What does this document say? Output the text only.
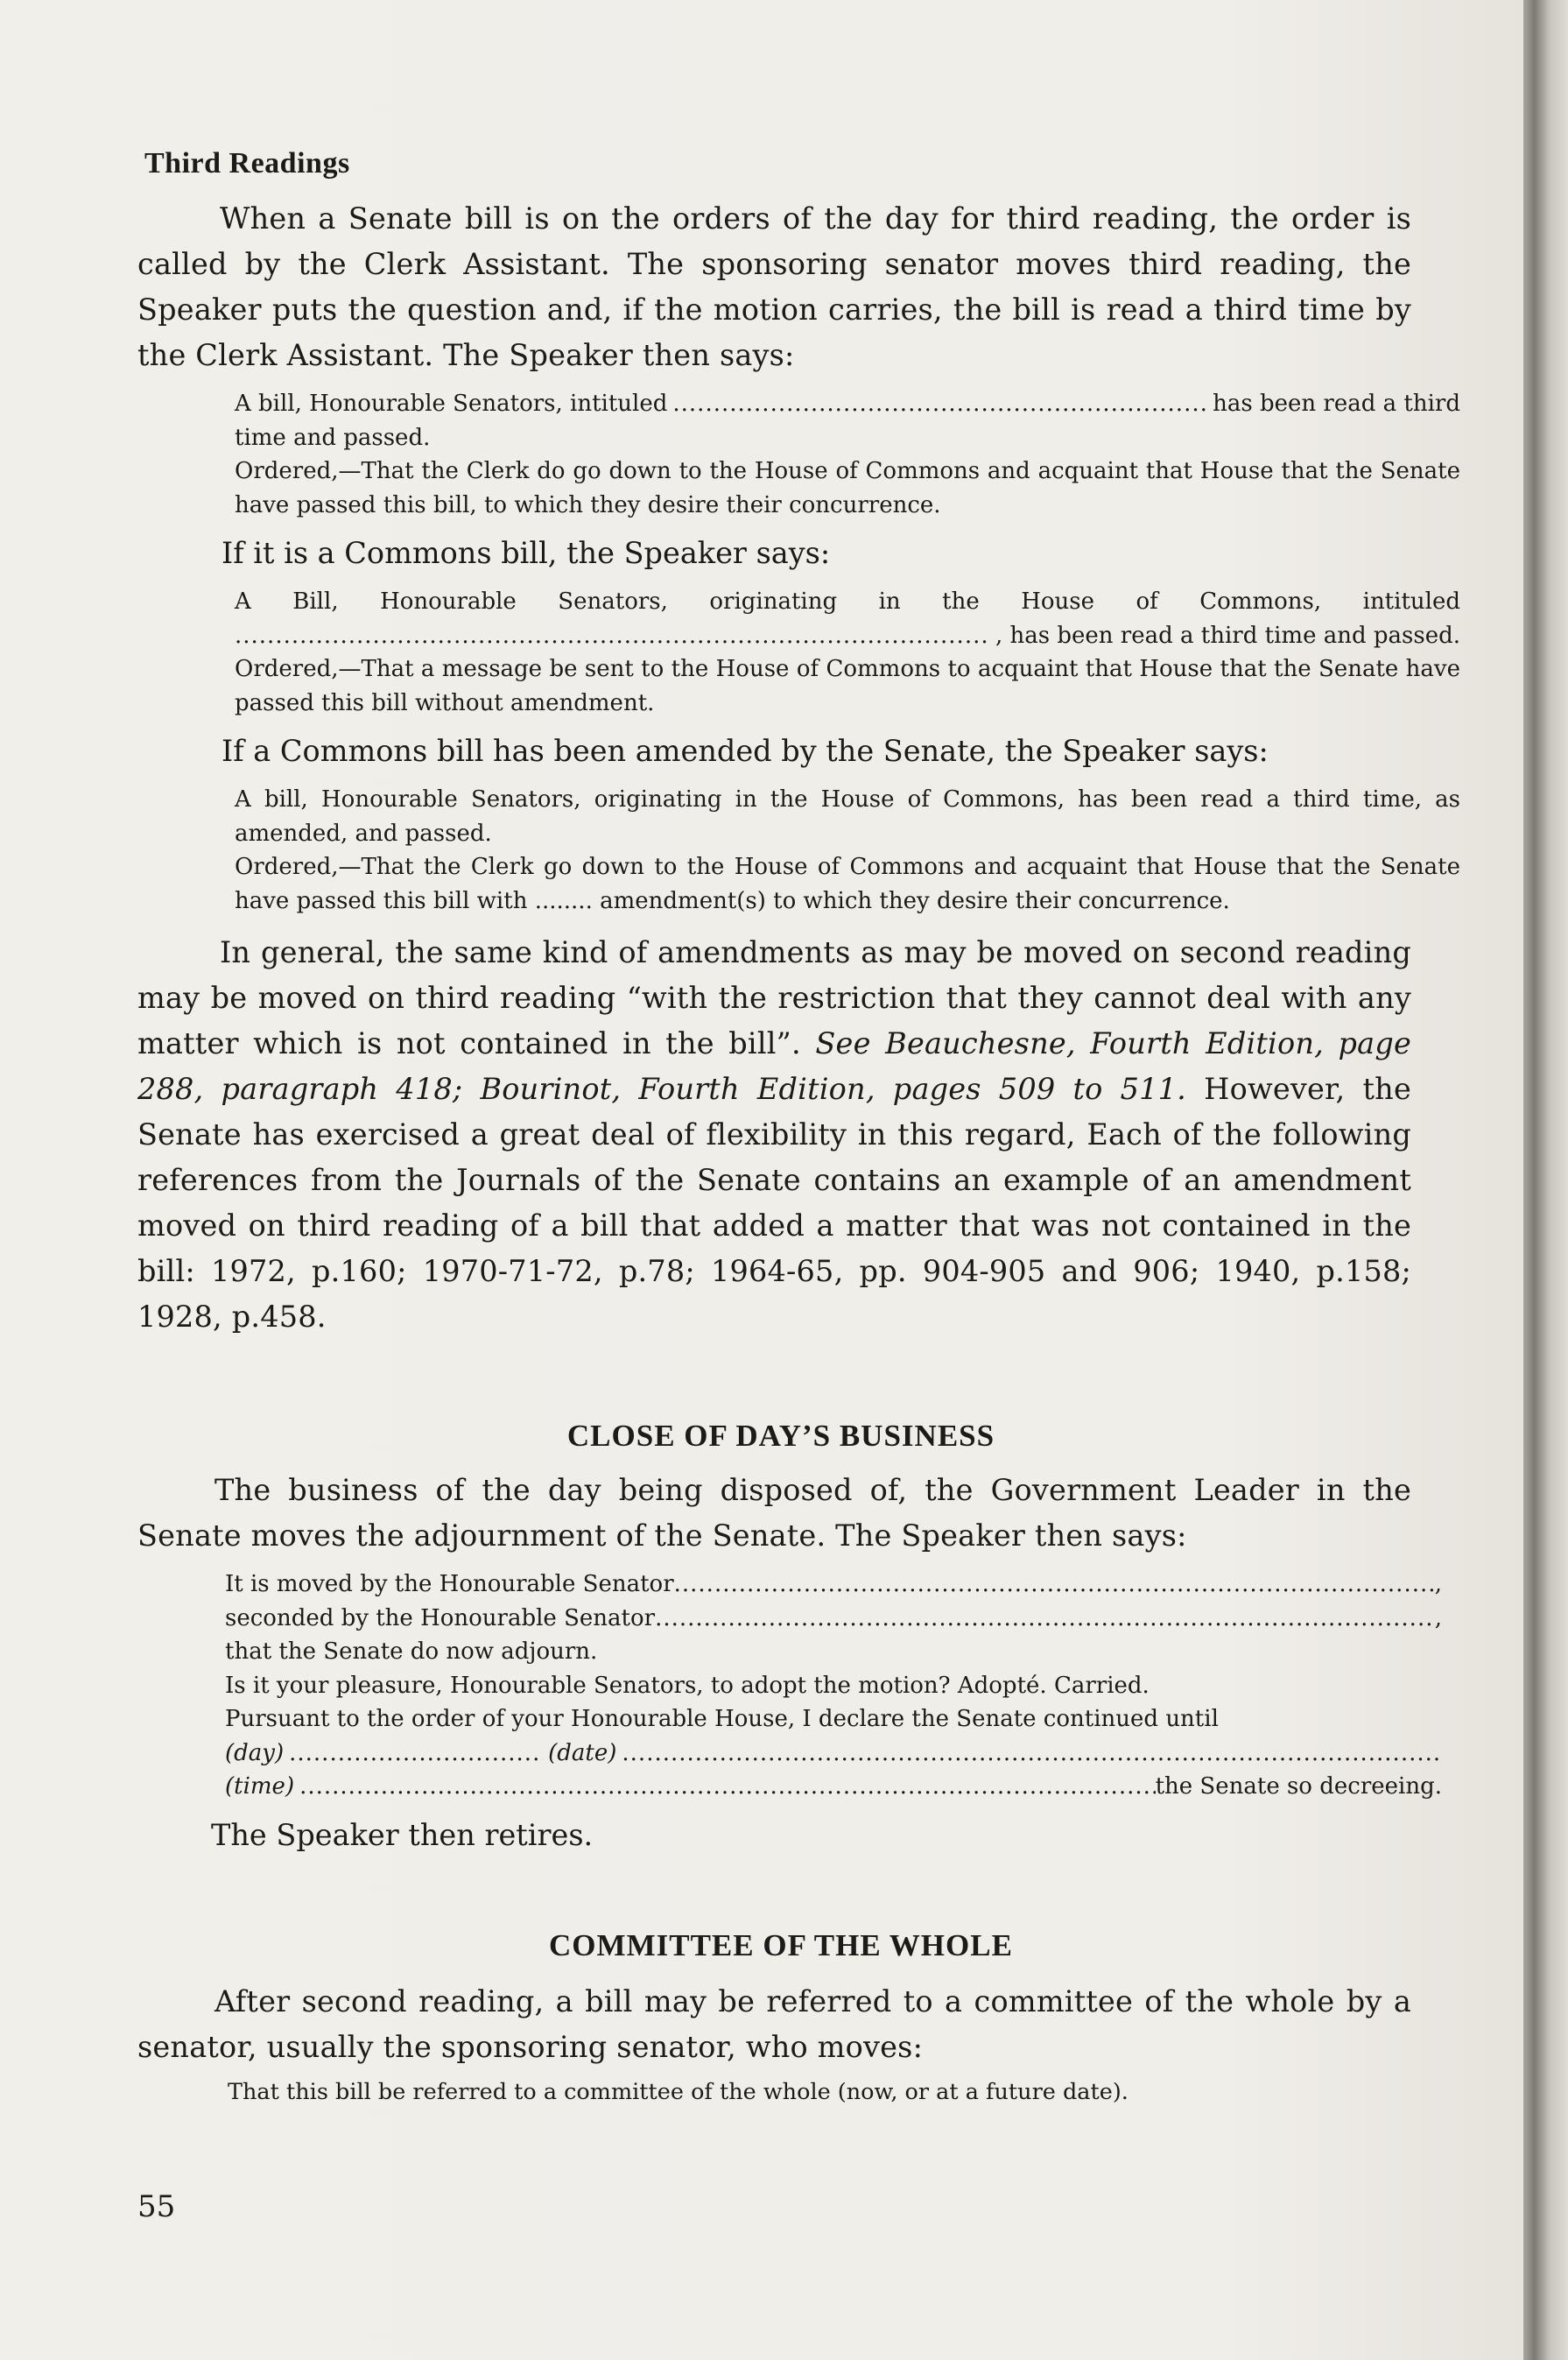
Third Readings

When a Senate bill is on the orders of the day for third reading, the order is called by the Clerk Assistant. The sponsoring senator moves third reading, the Speaker puts the question and, if the motion carries, the bill is read a third time by the Clerk Assistant. The Speaker then says:

A bill, Honourable Senators, intituled .....	has been read a third
time and passed.
Ordered,—That the Clerk do go down to the House of Commons and acquaint that House that the Senate have passed this bill, to which they desire their concurrence.
If it is a Commons bill, the Speaker says:
A Bill, Honourable Senators, originating in the House of Commons, intituled
.....
, has been read a third time and passed.
Ordered,—That a message be sent to the House of Commons to acquaint that House that the Senate have passed this bill without amendment.
If a Commons bill has been amended by the Senate, the Speaker says:
A bill, Honourable Senators, originating in the House of Commons, has been read a third time, as amended, and passed.
Ordered,—That the Clerk go down to the House of Commons and acquaint that House that the Senate have passed this bill with ........ amendment(s) to which they desire their concurrence.

In general, the same kind of amendments as may be moved on second reading may be moved on third reading “with the restriction that they cannot deal with any matter which is not contained in the bill”. See Beauchesne, Fourth Edition, page 288, paragraph 418; Bourinot, Fourth Edition, pages 509 to 511. However, the Senate has exercised a great deal of flexibility in this regard, Each of the following references from the Journals of the Senate contains an example of an amendment moved on third reading of a bill that added a matter that was not contained in the bill: 1972, p.160; 1970-71-72, p.78; 1964-65, pp. 904-905 and 906; 1940, p.158; 1928, p.458.

CLOSE OF DAY’S BUSINESS

The business of the day being disposed of, the Government Leader in the Senate moves the adjournment of the Senate. The Speaker then says:

It is moved by the Honourable Senator .....	,
seconded by the Honourable Senator .....	,
that the Senate do now adjourn.
Is it your pleasure, Honourable Senators, to adopt the motion? Adopté. Carried.
Pursuant to the order of your Honourable House, I declare the Senate continued until
(day) .....	(date)
.....
(time) .....	the Senate so decreeing.
The Speaker then retires.
COMMITTEE OF THE WHOLE

After second reading, a bill may be referred to a committee of the whole by a senator, usually the sponsoring senator, who moves:

That this bill be referred to a committee of the whole (now, or at a future date).
55
